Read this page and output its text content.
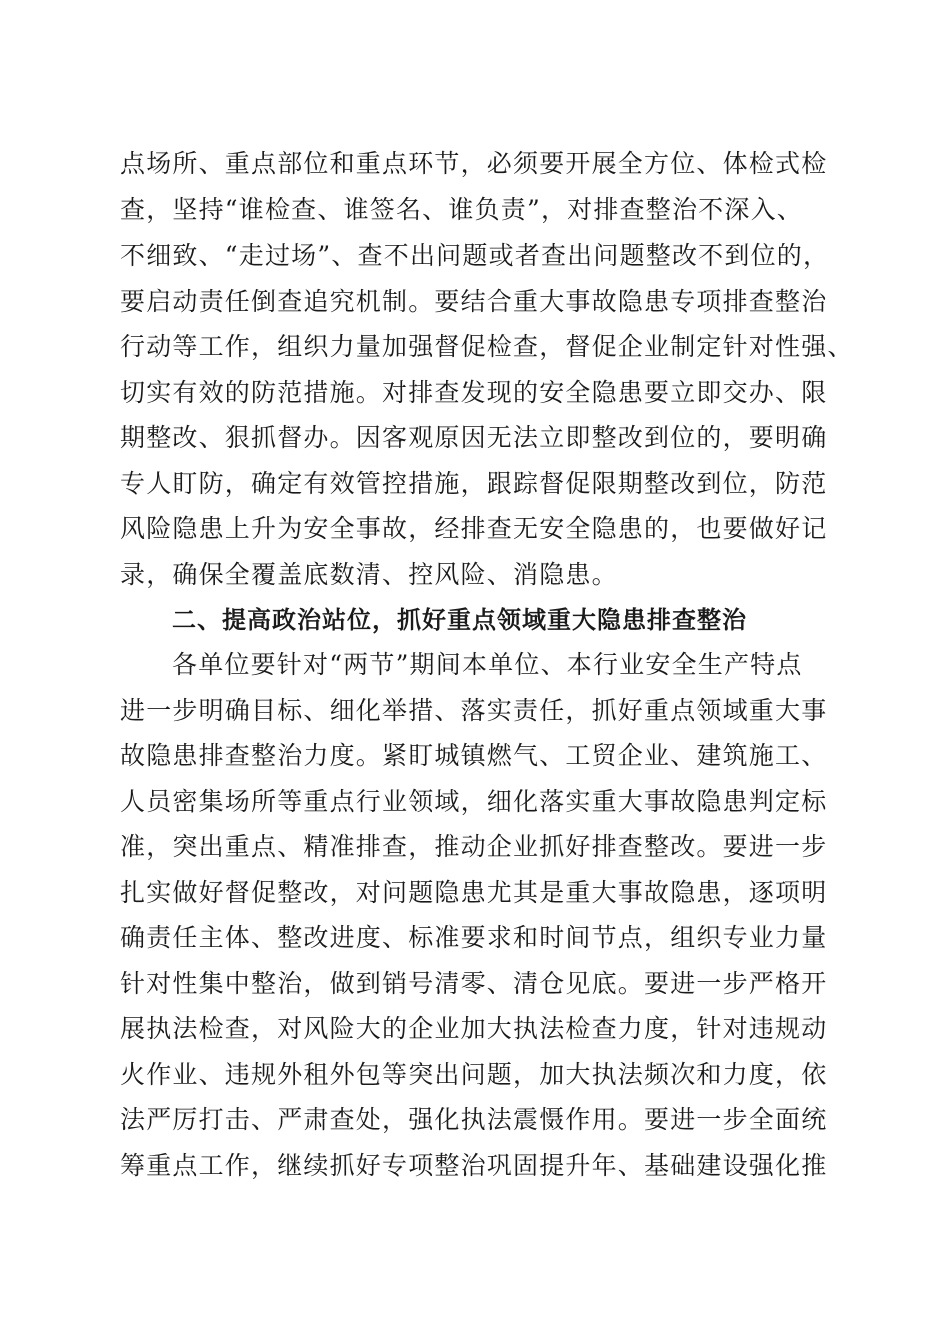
点场所、重点部位和重点环节，必须要开展全方位、体检式检
查，坚持“谁检查、谁签名、谁负责”，对排查整治不深入、
不细致、“走过场”、查不出问题或者查出问题整改不到位的，
要启动责任倒查追究机制。要结合重大事故隐患专项排查整治
行动等工作，组织力量加强督促检查，督促企业制定针对性强、
切实有效的防范措施。对排查发现的安全隐患要立即交办、限
期整改、狠抓督办。因客观原因无法立即整改到位的，要明确
专人盯防，确定有效管控措施，跟踪督促限期整改到位，防范
风险隐患上升为安全事故，经排查无安全隐患的，也要做好记
录，确保全覆盖底数清、控风险、消隐患。
二、提高政治站位，抓好重点领域重大隐患排查整治
各单位要针对“两节”期间本单位、本行业安全生产特点
进一步明确目标、细化举措、落实责任，抓好重点领域重大事
故隐患排查整治力度。紧盯城镇燃气、工贸企业、建筑施工、
人员密集场所等重点行业领域，细化落实重大事故隐患判定标
准，突出重点、精准排查，推动企业抓好排查整改。要进一步
扎实做好督促整改，对问题隐患尤其是重大事故隐患，逐项明
确责任主体、整改进度、标准要求和时间节点，组织专业力量
针对性集中整治，做到销号清零、清仓见底。要进一步严格开
展执法检查，对风险大的企业加大执法检查力度，针对违规动
火作业、违规外租外包等突出问题，加大执法频次和力度，依
法严厉打击、严肃查处，强化执法震慑作用。要进一步全面统
筹重点工作，继续抓好专项整治巩固提升年、基础建设强化推
